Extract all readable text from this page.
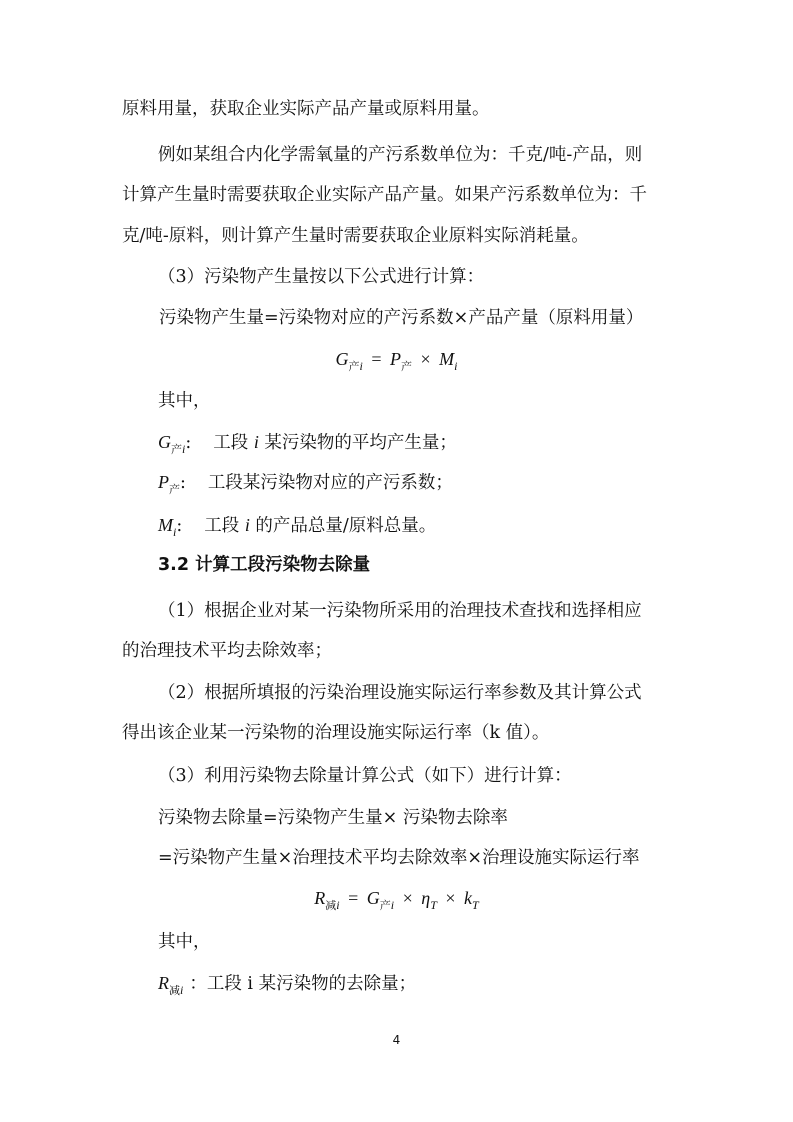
原料用量，获取企业实际产品产量或原料用量。
例如某组合内化学需氧量的产污系数单位为：千克/吨-产品，则
计算产生量时需要获取企业实际产品产量。如果产污系数单位为：千
克/吨-原料，则计算产生量时需要获取企业原料实际消耗量。
（3）污染物产生量按以下公式进行计算：
污染物产生量=污染物对应的产污系数×产品产量（原料用量）
$G_{产i} = P_产 \times M_i$
其中，
$G_{产i}$: 工段 i 某污染物的平均产生量；
$P_产$: 工段某污染物对应的产污系数；
$M_i$: 工段 i 的产品总量/原料总量。
3.2 计算工段污染物去除量
（1）根据企业对某一污染物所采用的治理技术查找和选择相应
的治理技术平均去除效率；
（2）根据所填报的污染治理设施实际运行率参数及其计算公式
得出该企业某一污染物的治理设施实际运行率（k 值）。
（3）利用污染物去除量计算公式（如下）进行计算：
污染物去除量=污染物产生量× 污染物去除率
=污染物产生量×治理技术平均去除效率×治理设施实际运行率
$R_{减i} = G_{产i} \times \eta_T \times k_T$
其中，
$R_{减i}$ ：工段 i 某污染物的去除量；
4
